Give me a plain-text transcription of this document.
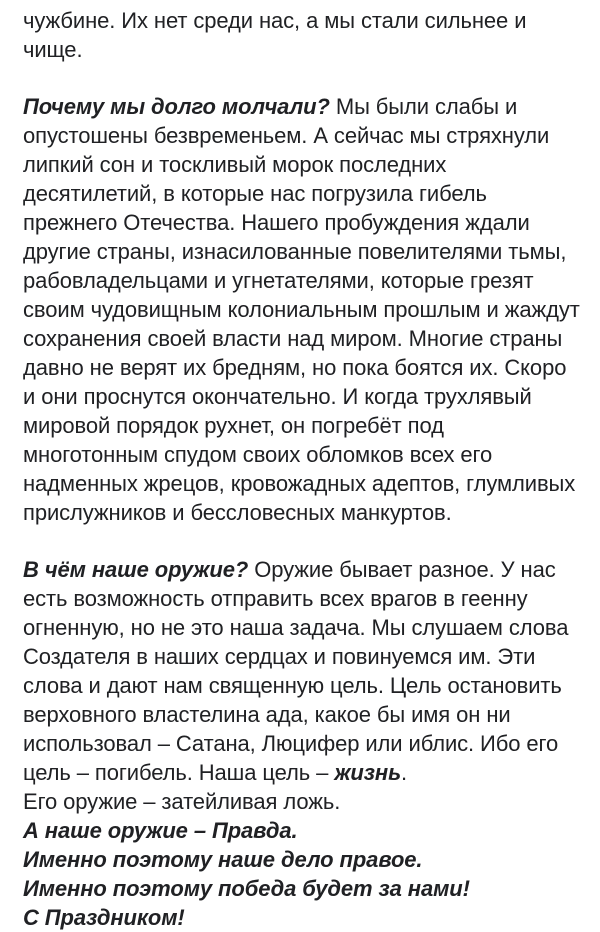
чужбине. Их нет среди нас, а мы стали сильнее и чище.

Почему мы долго молчали? Мы были слабы и опустошены безвременьем. А сейчас мы стряхнули липкий сон и тоскливый морок последних десятилетий, в которые нас погрузила гибель прежнего Отечества. Нашего пробуждения ждали другие страны, изнасилованные повелителями тьмы, рабовладельцами и угнетателями, которые грезят своим чудовищным колониальным прошлым и жаждут сохранения своей власти над миром. Многие страны давно не верят их бредням, но пока боятся их. Скоро и они проснутся окончательно. И когда трухлявый мировой порядок рухнет, он погребёт под многотонным спудом своих обломков всех его надменных жрецов, кровожадных адептов, глумливых прислужников и бессловесных манкуртов.

В чём наше оружие? Оружие бывает разное. У нас есть возможность отправить всех врагов в геенну огненную, но не это наша задача. Мы слушаем слова Создателя в наших сердцах и повинуемся им. Эти слова и дают нам священную цель. Цель остановить верховного властелина ада, какое бы имя он ни использовал – Сатана, Люцифер или иблис. Ибо его цель – погибель. Наша цель – жизнь.
Его оружие – затейливая ложь.
А наше оружие – Правда.
Именно поэтому наше дело правое.
Именно поэтому победа будет за нами!
С Праздником!
